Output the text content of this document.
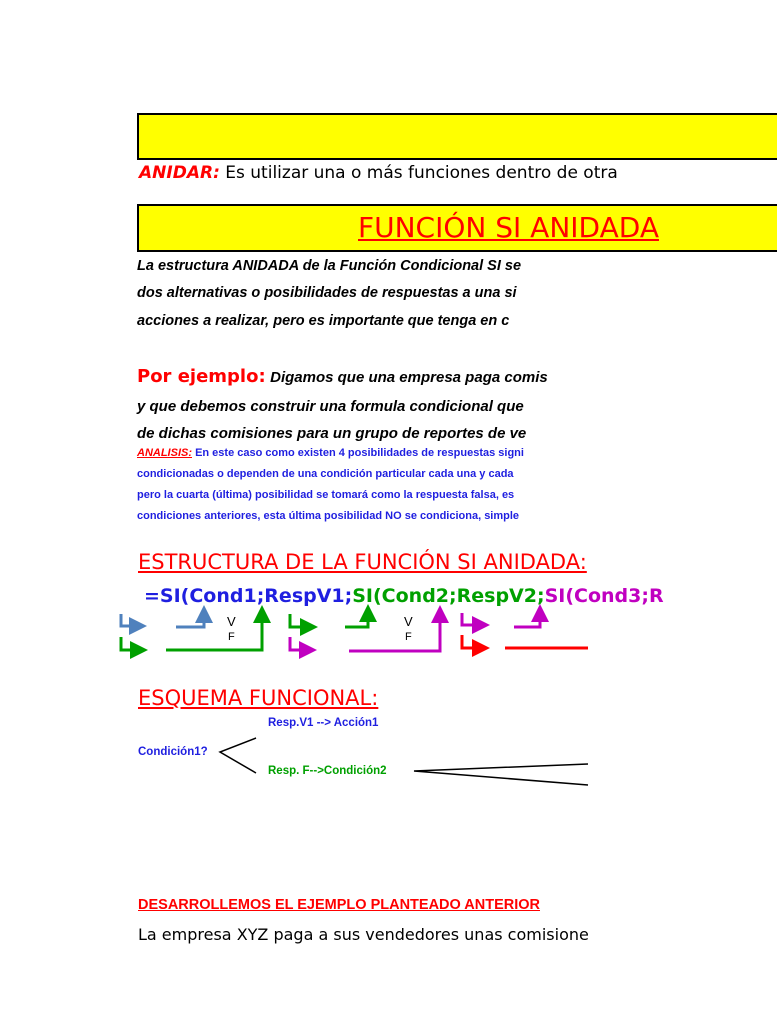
ANIDAR: Es utilizar una o más funciones dentro de otra
FUNCIÓN SI ANIDADA
La estructura ANIDADA de la Función Condicional SI se
dos alternativas o posibilidades de respuestas a una si
acciones a realizar, pero es importante que tenga en c
Por ejemplo: Digamos que una empresa paga comis
y que debemos construir una formula condicional que
de dichas comisiones para un grupo de reportes de ve
ANALISIS: En este caso como existen 4 posibilidades de respuestas signi
condicionadas o dependen de una condición particular cada una y cada
pero la cuarta (última) posibilidad se tomará como la respuesta falsa, es
condiciones anteriores, esta última posibilidad NO se condiciona, simple
ESTRUCTURA DE LA FUNCIÓN SI ANIDADA:
=SI(Cond1;RespV1;SI(Cond2;RespV2;SI(Cond3;R
V
F
V
F
ESQUEMA FUNCIONAL:
Resp.V1 --> Acción1
Condición1?
Resp. F-->Condición2
DESARROLLEMOS EL EJEMPLO PLANTEADO ANTERIOR
La empresa XYZ paga a sus vendedores unas comisione
